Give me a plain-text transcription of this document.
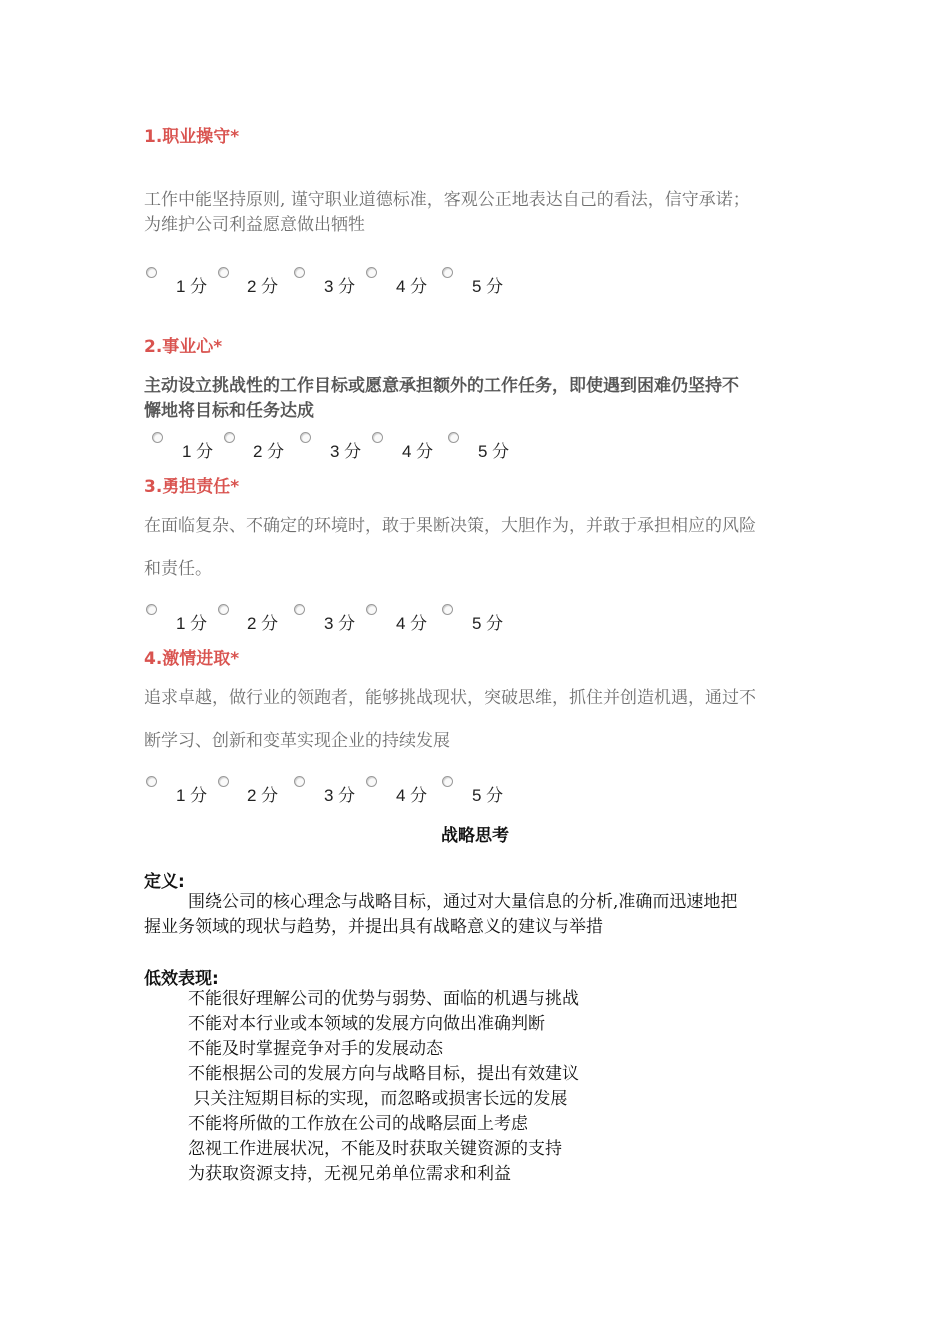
1.职业操守*
工作中能坚持原则, 谨守职业道德标准，客观公正地表达自己的看法，信守承诺；
为维护公司利益愿意做出牺牲
1 分 2 分	3 分 4 分	5 分
2.事业心*
主动设立挑战性的工作目标或愿意承担额外的工作任务，即使遇到困难仍坚持不
懈地将目标和任务达成
1 分 2 分	3 分 4 分	5 分
3.勇担责任*
在面临复杂、不确定的环境时，敢于果断决策，大胆作为，并敢于承担相应的风险
和责任。
1 分 2 分	3 分 4 分	5 分
4.激情进取*
追求卓越，做行业的领跑者，能够挑战现状，突破思维，抓住并创造机遇，通过不
断学习、创新和变革实现企业的持续发展
1 分 2 分	3 分 4 分	5 分
战略思考
定义:
围绕公司的核心理念与战略目标，通过对大量信息的分析,准确而迅速地把
握业务领域的现状与趋势，并提出具有战略意义的建议与举措
低效表现:
不能很好理解公司的优势与弱势、面临的机遇与挑战
不能对本行业或本领域的发展方向做出准确判断
不能及时掌握竞争对手的发展动态
不能根据公司的发展方向与战略目标，提出有效建议
只关注短期目标的实现，而忽略或损害长远的发展
不能将所做的工作放在公司的战略层面上考虑
忽视工作进展状况，不能及时获取关键资源的支持
为获取资源支持，无视兄弟单位需求和利益
